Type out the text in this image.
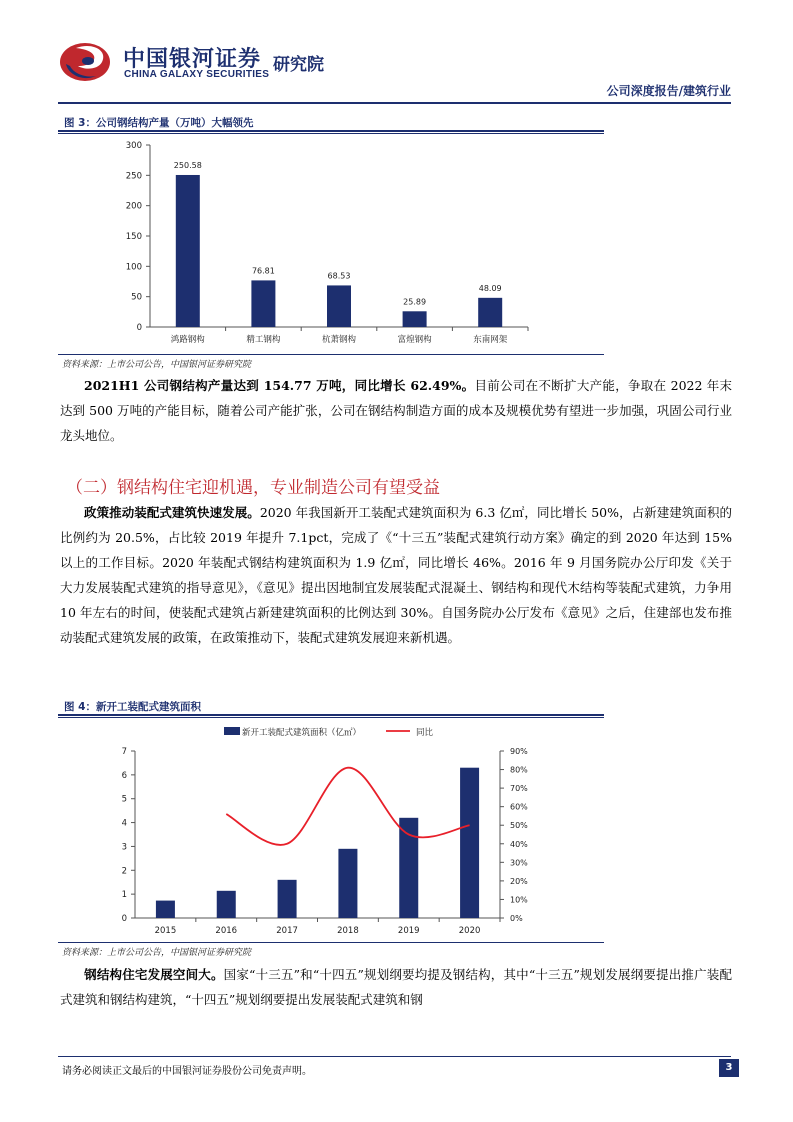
中国银河证券
CHINA GALAXY SECURITIES 研究院
公司深度报告/建筑行业
图 3：公司钢结构产量（万吨）大幅领先
0
50
100
150
200
250
300
250.58
鸿路钢构
76.81
精工钢构
68.53
杭萧钢构
25.89
富煌钢构
48.09
东南网架
资料来源：上市公司公告，中国银河证券研究院
2021H1 公司钢结构产量达到 154.77 万吨，同比增长 62.49%。目前公司在不断扩大产能，争取在 2022 年末达到 500 万吨的产能目标，随着公司产能扩张，公司在钢结构制造方面的成本及规模优势有望进一步加强，巩固公司行业龙头地位。
（二）钢结构住宅迎机遇，专业制造公司有望受益
政策推动装配式建筑快速发展。2020 年我国新开工装配式建筑面积为 6.3 亿㎡，同比增长 50%，占新建建筑面积的比例约为 20.5%，占比较 2019 年提升 7.1pct，完成了《“十三五”装配式建筑行动方案》确定的到 2020 年达到 15%以上的工作目标。2020 年装配式钢结构建筑面积为 1.9 亿㎡，同比增长 46%。2016 年 9 月国务院办公厅印发《关于大力发展装配式建筑的指导意见》，《意见》提出因地制宜发展装配式混凝土、钢结构和现代木结构等装配式建筑，力争用 10 年左右的时间，使装配式建筑占新建建筑面积的比例达到 30%。自国务院办公厅发布《意见》之后，住建部也发布推动装配式建筑发展的政策，在政策推动下，装配式建筑发展迎来新机遇。
图 4：新开工装配式建筑面积
新开工装配式建筑面积（亿㎡）	同比
0
1
2
3
4
5
6
7
0%
10%
20%
30%
40%
50%
60%
70%
80%
90%
2015	2016	2017	2018	2019	2020
资料来源：上市公司公告，中国银河证券研究院
钢结构住宅发展空间大。国家“十三五”和“十四五”规划纲要均提及钢结构，其中“十三五”规划发展纲要提出推广装配式建筑和钢结构建筑，“十四五”规划纲要提出发展装配式建筑和钢
请务必阅读正文最后的中国银河证券股份公司免责声明。	3
